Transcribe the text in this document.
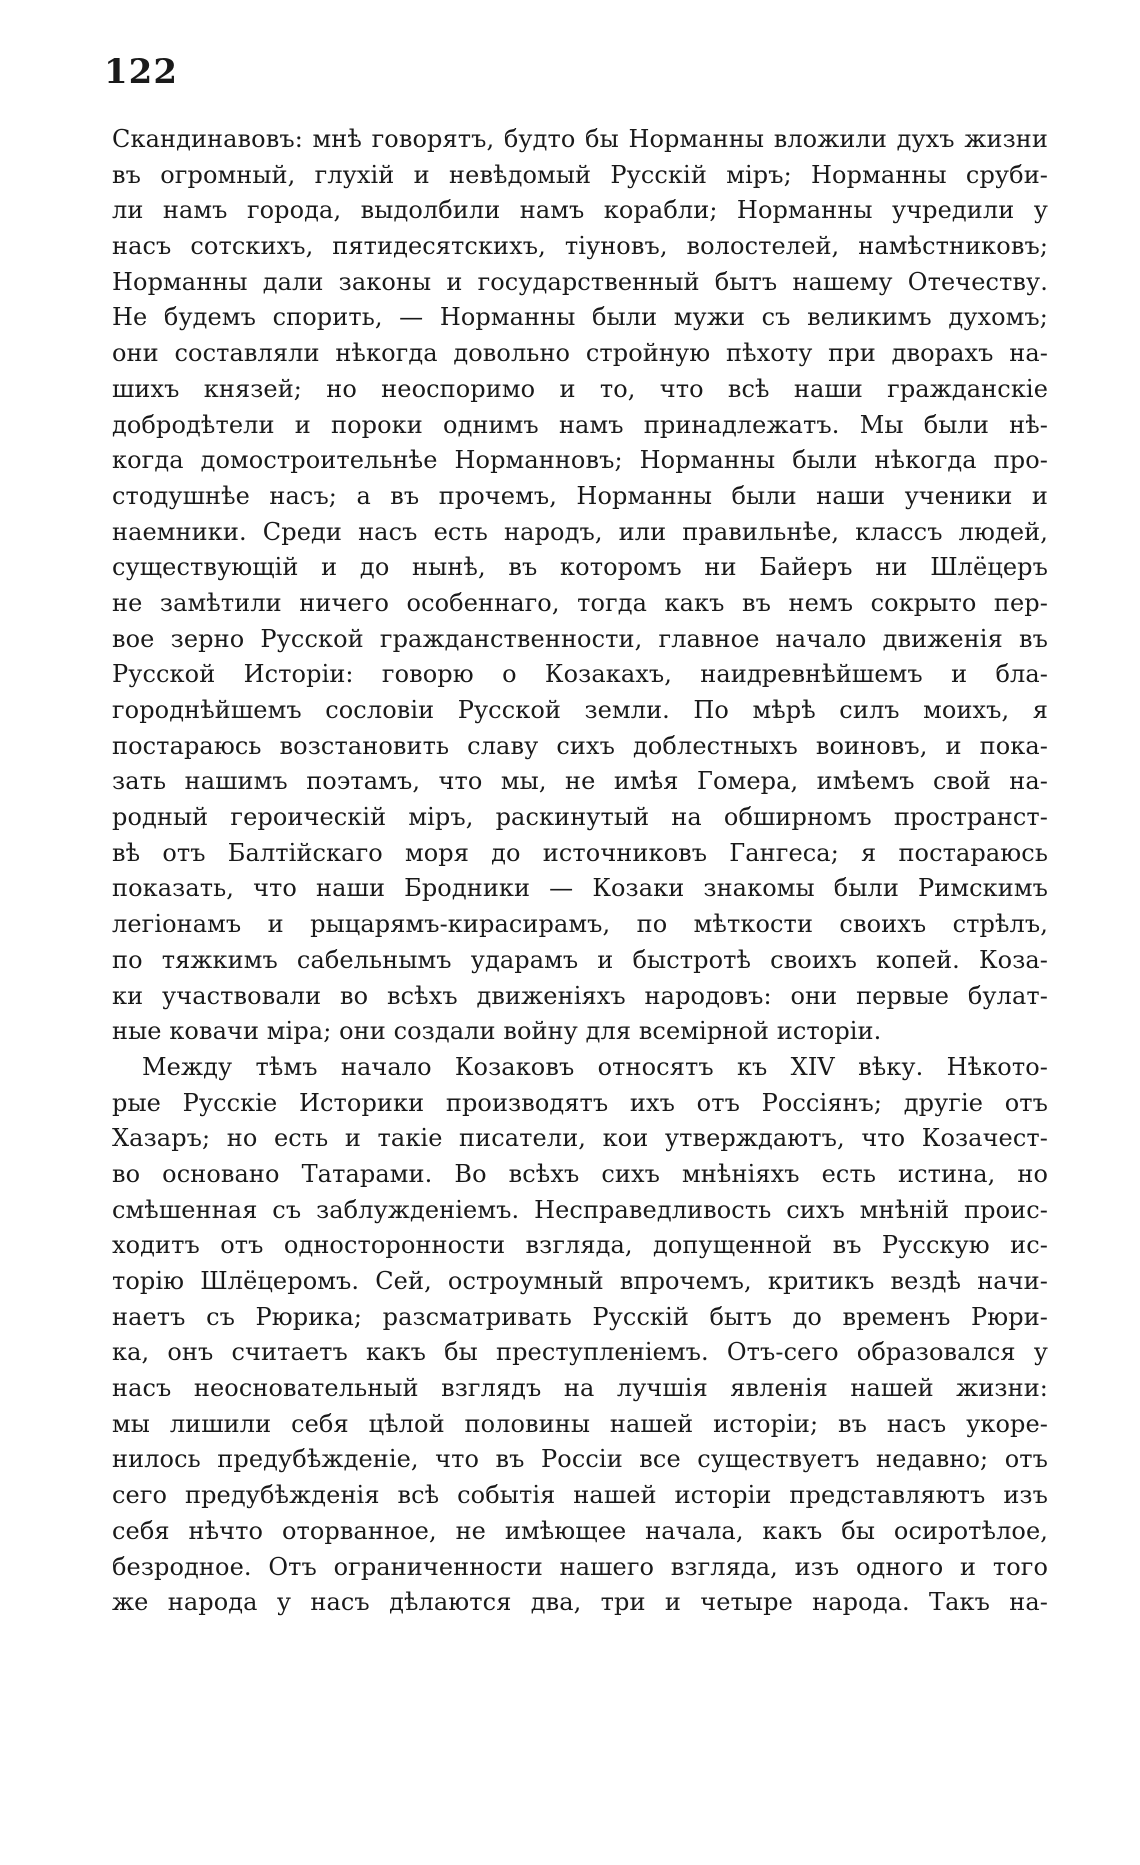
122
Скандинавовъ: мнѣ говорятъ, будто бы Норманны вложили духъ жизни
въ огромный, глухій и невѣдомый Русскій міръ; Норманны сруби-
ли намъ города, выдолбили намъ корабли; Норманны учредили у
насъ сотскихъ, пятидесятскихъ, тіуновъ, волостелей, намѣстниковъ;
Норманны дали законы и государственный бытъ нашему Отечеству.
Не будемъ спорить, — Норманны были мужи съ великимъ духомъ;
они составляли нѣкогда довольно стройную пѣхоту при дворахъ на-
шихъ князей; но неоспоримо и то, что всѣ наши гражданскіе
добродѣтели и пороки однимъ намъ принадлежатъ. Мы были нѣ-
когда домостроительнѣе Норманновъ; Норманны были нѣкогда про-
стодушнѣе насъ; а въ прочемъ, Норманны были наши ученики и
наемники. Среди насъ есть народъ, или правильнѣе, классъ людей,
существующій и до нынѣ, въ которомъ ни Байеръ ни Шлёцеръ
не замѣтили ничего особеннаго, тогда какъ въ немъ сокрыто пер-
вое зерно Русской гражданственности, главное начало движенія въ
Русской Исторіи: говорю о Козакахъ, наидревнѣйшемъ и бла-
городнѣйшемъ сословіи Русской земли. По мѣрѣ силъ моихъ, я
постараюсь возстановить славу сихъ доблестныхъ воиновъ, и пока-
зать нашимъ поэтамъ, что мы, не имѣя Гомера, имѣемъ свой на-
родный героическій міръ, раскинутый на обширномъ пространст-
вѣ отъ Балтійскаго моря до источниковъ Гангеса; я постараюсь
показать, что наши Бродники — Козаки знакомы были Римскимъ
легіонамъ и рыцарямъ-кирасирамъ, по мѣткости своихъ стрѣлъ,
по тяжкимъ сабельнымъ ударамъ и быстротѣ своихъ копей. Коза-
ки участвовали во всѣхъ движеніяхъ народовъ: они первые булат-
ные ковачи міра; они создали войну для всемірной исторіи.
Между тѣмъ начало Козаковъ относятъ къ XIV вѣку. Нѣкото-
рые Русскіе Историки производятъ ихъ отъ Россіянъ; другіе отъ
Хазаръ; но есть и такіе писатели, кои утверждаютъ, что Козачест-
во основано Татарами. Во всѣхъ сихъ мнѣніяхъ есть истина, но
смѣшенная съ заблужденіемъ. Несправедливость сихъ мнѣній проис-
ходитъ отъ односторонности взгляда, допущенной въ Русскую ис-
торію Шлёцеромъ. Сей, остроумный впрочемъ, критикъ вездѣ начи-
наетъ съ Рюрика; разсматривать Русскій бытъ до временъ Рюри-
ка, онъ считаетъ какъ бы преступленіемъ. Отъ-сего образовался у
насъ неосновательный взглядъ на лучшія явленія нашей жизни:
мы лишили себя цѣлой половины нашей исторіи; въ насъ укоре-
нилось предубѣжденіе, что въ Россіи все существуетъ недавно; отъ
сего предубѣжденія всѣ событія нашей исторіи представляютъ изъ
себя нѣчто оторванное, не имѣющее начала, какъ бы осиротѣлое,
безродное. Отъ ограниченности нашего взгляда, изъ одного и того
же народа у насъ дѣлаются два, три и четыре народа. Такъ на-
